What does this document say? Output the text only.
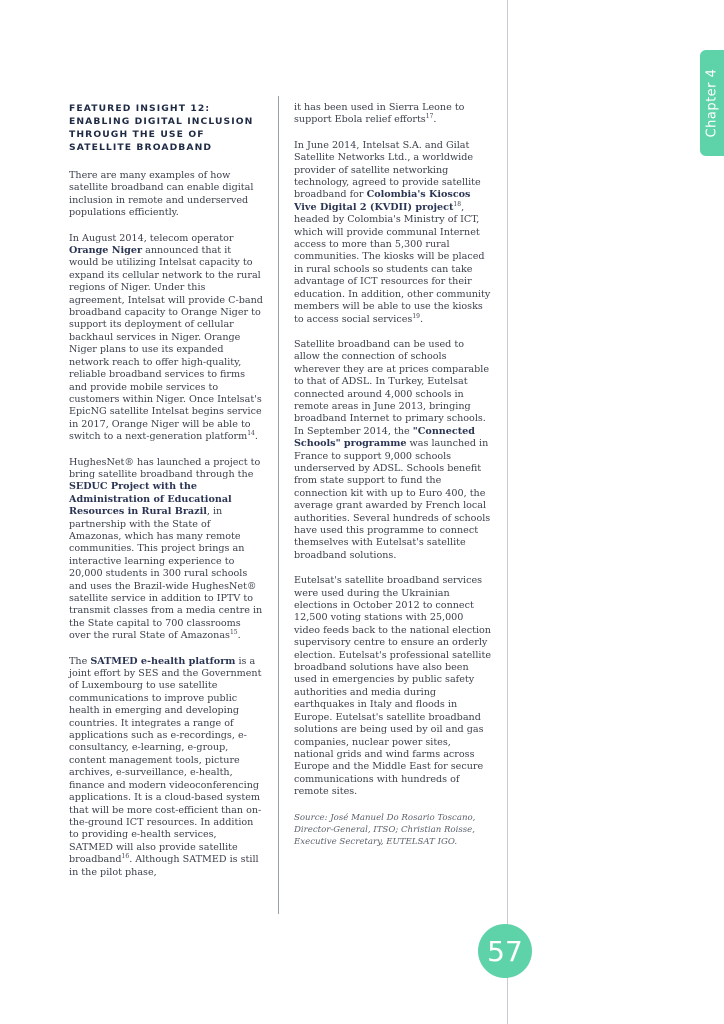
Chapter 4
FEATURED INSIGHT 12: ENABLING DIGITAL INCLUSION THROUGH THE USE OF SATELLITE BROADBAND

There are many examples of how satellite broadband can enable digital inclusion in remote and underserved populations efficiently.

In August 2014, telecom operator Orange Niger announced that it would be utilizing Intelsat capacity to expand its cellular network to the rural regions of Niger. Under this agreement, Intelsat will provide C-band broadband capacity to Orange Niger to support its deployment of cellular backhaul services in Niger. Orange Niger plans to use its expanded network reach to offer high-quality, reliable broadband services to firms and provide mobile services to customers within Niger. Once Intelsat's EpicNG satellite Intelsat begins service in 2017, Orange Niger will be able to switch to a next-generation platform$^{14}$.

HughesNet® has launched a project to bring satellite broadband through the SEDUC Project with the Administration of Educational Resources in Rural Brazil, in partnership with the State of Amazonas, which has many remote communities. This project brings an interactive learning experience to 20,000 students in 300 rural schools and uses the Brazil-wide HughesNet® satellite service in addition to IPTV to transmit classes from a media centre in the State capital to 700 classrooms over the rural State of Amazonas$^{15}$.

The SATMED e-health platform is a joint effort by SES and the Government of Luxembourg to use satellite communications to improve public health in emerging and developing countries. It integrates a range of applications such as e-recordings, e-consultancy, e-learning, e-group, content management tools, picture archives, e-surveillance, e-health, finance and modern videoconferencing applications. It is a cloud-based system that will be more cost-efficient than on-the-ground ICT resources. In addition to providing e-health services, SATMED will also provide satellite broadband$^{16}$. Although SATMED is still in the pilot phase,

it has been used in Sierra Leone to support Ebola relief efforts$^{17}$.

In June 2014, Intelsat S.A. and Gilat Satellite Networks Ltd., a worldwide provider of satellite networking technology, agreed to provide satellite broadband for Colombia's Kioscos Vive Digital 2 (KVDII) project$^{18}$, headed by Colombia's Ministry of ICT, which will provide communal Internet access to more than 5,300 rural communities. The kiosks will be placed in rural schools so students can take advantage of ICT resources for their education. In addition, other community members will be able to use the kiosks to access social services$^{19}$.

Satellite broadband can be used to allow the connection of schools wherever they are at prices comparable to that of ADSL. In Turkey, Eutelsat connected around 4,000 schools in remote areas in June 2013, bringing broadband Internet to primary schools. In September 2014, the "Connected Schools" programme was launched in France to support 9,000 schools underserved by ADSL. Schools benefit from state support to fund the connection kit with up to Euro 400, the average grant awarded by French local authorities. Several hundreds of schools have used this programme to connect themselves with Eutelsat's satellite broadband solutions.

Eutelsat's satellite broadband services were used during the Ukrainian elections in October 2012 to connect 12,500 voting stations with 25,000 video feeds back to the national election supervisory centre to ensure an orderly election. Eutelsat's professional satellite broadband solutions have also been used in emergencies by public safety authorities and media during earthquakes in Italy and floods in Europe. Eutelsat's satellite broadband solutions are being used by oil and gas companies, nuclear power sites, national grids and wind farms across Europe and the Middle East for secure communications with hundreds of remote sites.

Source: José Manuel Do Rosario Toscano, Director-General, ITSO; Christian Roisse, Executive Secretary, EUTELSAT IGO.

57
